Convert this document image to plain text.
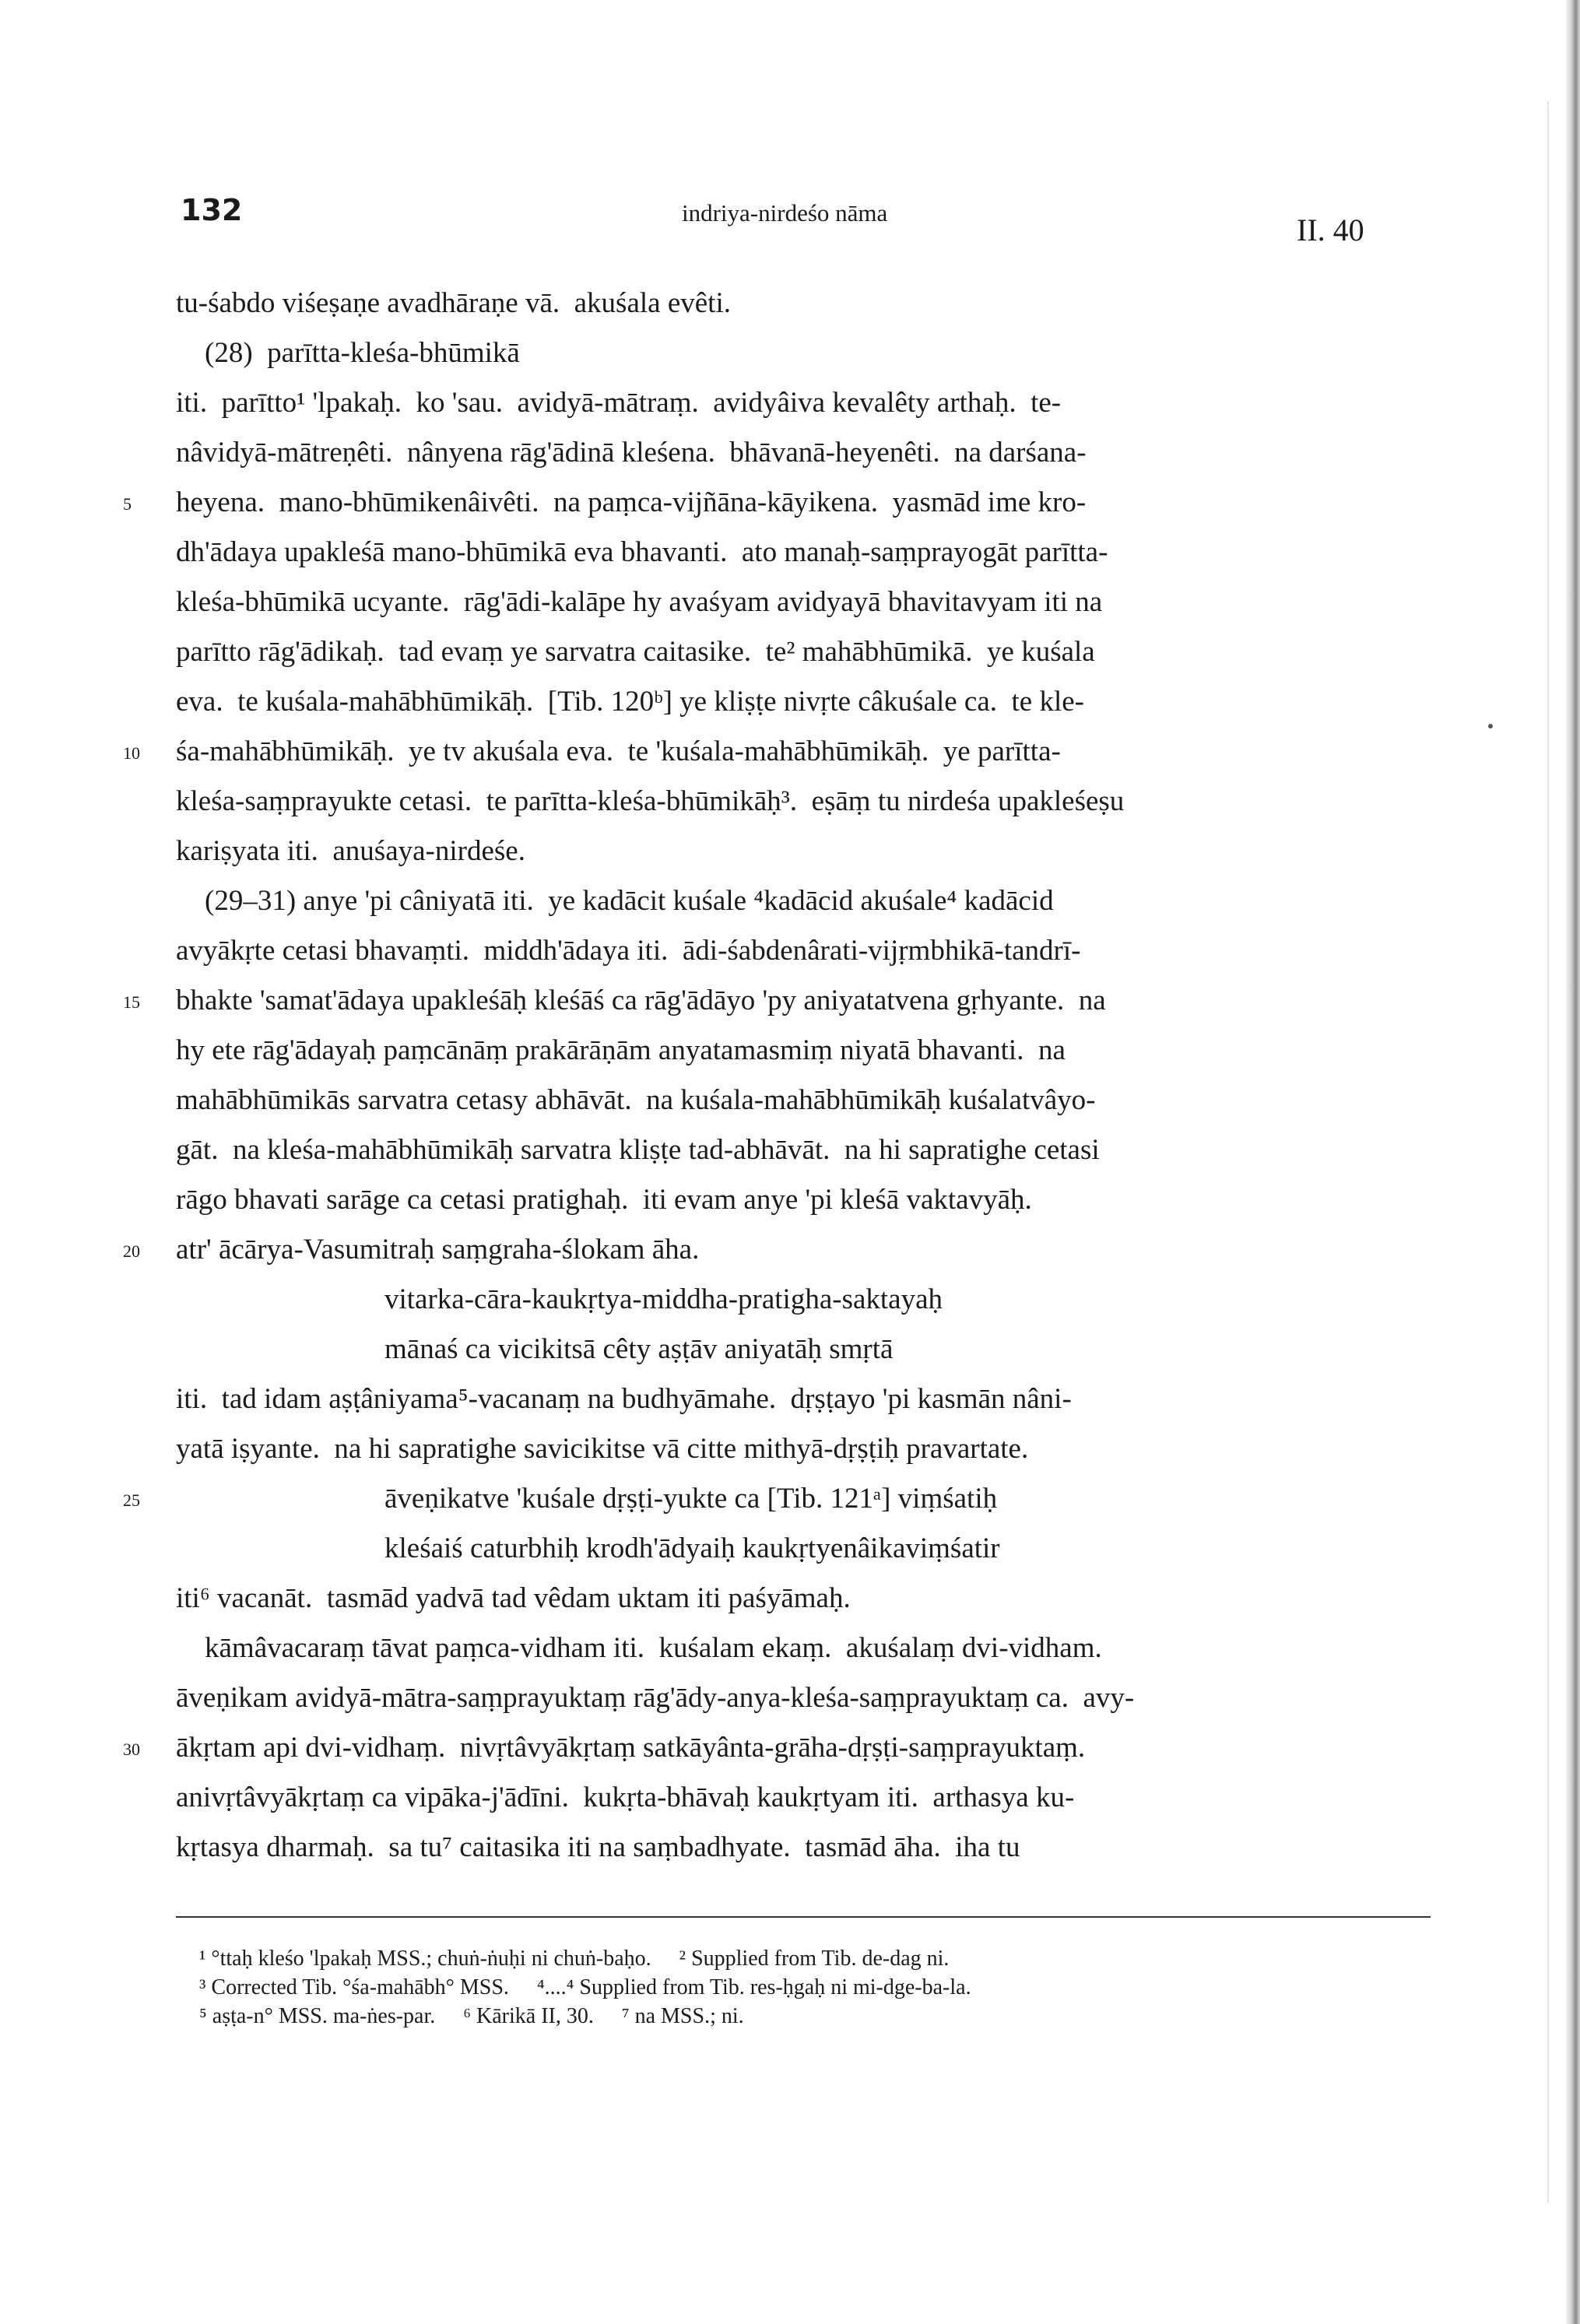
132	indriya-nirdeśo nāma	II. 40
tu-śabdo viśeṣaṇe avadhāraṇe vā.  akuśala evêti.
(28)  parītta-kleśa-bhūmikā
iti.  parītto¹ 'lpakaḥ.  ko 'sau.  avidyā-mātraṃ.  avidyâiva kevalêty arthaḥ.  te-
nâvidyā-mātreṇêti.  nânyena rāg'ādinā kleśena.  bhāvanā-heyenêti.  na darśana-
5	heyena.  mano-bhūmikenâivêti.  na paṃca-vijñāna-kāyikena.  yasmād ime kro-
dh'ādaya upakleśā mano-bhūmikā eva bhavanti.  ato manaḥ-saṃprayogāt parītta-
kleśa-bhūmikā ucyante.  rāg'ādi-kalāpe hy avaśyam avidyayā bhavitavyam iti na
parītto rāg'ādikaḥ.  tad evaṃ ye sarvatra caitasike.  te² mahābhūmikā.  ye kuśala
eva.  te kuśala-mahābhūmikāḥ.  [Tib. 120ᵇ] ye kliṣṭe nivṛte câkuśale ca.  te kle-
10	śa-mahābhūmikāḥ.  ye tv akuśala eva.  te 'kuśala-mahābhūmikāḥ.  ye parītta-
kleśa-saṃprayukte cetasi.  te parītta-kleśa-bhūmikāḥ³.  eṣāṃ tu nirdeśa upakleśeṣu
kariṣyata iti.  anuśaya-nirdeśe.
(29–31) anye 'pi câniyatā iti.  ye kadācit kuśale ⁴kadācid akuśale⁴ kadācid
avyākṛte cetasi bhavaṃti.  middh'ādaya iti.  ādi-śabdenârati-vijṛmbhikā-tandrī-
15	bhakte 'samat'ādaya upakleśāḥ kleśāś ca rāg'ādāyo 'py aniyatatvena gṛhyante.  na
hy ete rāg'ādayaḥ paṃcānāṃ prakārāṇām anyatamasmiṃ niyatā bhavanti.  na
mahābhūmikās sarvatra cetasy abhāvāt.  na kuśala-mahābhūmikāḥ kuśalatvâyo-
gāt.  na kleśa-mahābhūmikāḥ sarvatra kliṣṭe tad-abhāvāt.  na hi sapratighe cetasi
rāgo bhavati sarāge ca cetasi pratighaḥ.  iti evam anye 'pi kleśā vaktavyāḥ.
20	atr' ācārya-Vasumitraḥ saṃgraha-ślokam āha.
vitarka-cāra-kaukṛtya-middha-pratigha-saktayaḥ
mānaś ca vicikitsā cêty aṣṭāv aniyatāḥ smṛtā
iti.  tad idam aṣṭâniyama⁵-vacanaṃ na budhyāmahe.  dṛṣṭayo 'pi kasmān nâni-
yatā iṣyante.  na hi sapratighe savicikitse vā citte mithyā-dṛṣṭiḥ pravartate.
25	āveṇikatve 'kuśale dṛṣṭi-yukte ca [Tib. 121ᵃ] viṃśatiḥ
kleśaiś caturbhiḥ krodh'ādyaiḥ kaukṛtyenâikaviṃśatir
iti⁶ vacanāt.  tasmād yadvā tad vêdam uktam iti paśyāmaḥ.
kāmâvacaraṃ tāvat paṃca-vidham iti.  kuśalam ekaṃ.  akuśalaṃ dvi-vidham.
āveṇikam avidyā-mātra-saṃprayuktaṃ rāg'ādy-anya-kleśa-saṃprayuktaṃ ca.  avy-
30	ākṛtam api dvi-vidhaṃ.  nivṛtâvyākṛtaṃ satkāyânta-grāha-dṛṣṭi-saṃprayuktaṃ.
anivṛtâvyākṛtaṃ ca vipāka-j'ādīni.  kukṛta-bhāvaḥ kaukṛtyam iti.  arthasya ku-
kṛtasya dharmaḥ.  sa tu⁷ caitasika iti na saṃbadhyate.  tasmād āha.  iha tu
¹ °ttaḥ kleśo 'lpakaḥ MSS.; chuṅ-ṅuḥi ni chuṅ-baḥo. ² Supplied from Tib. de-dag ni.
³ Corrected Tib. °śa-mahābh° MSS. ⁴....⁴ Supplied from Tib. res-ḥgaḥ ni mi-dge-ba-la.
⁵ aṣṭa-n° MSS. ma-ṅes-par. ⁶ Kārikā II, 30. ⁷ na MSS.; ni.
